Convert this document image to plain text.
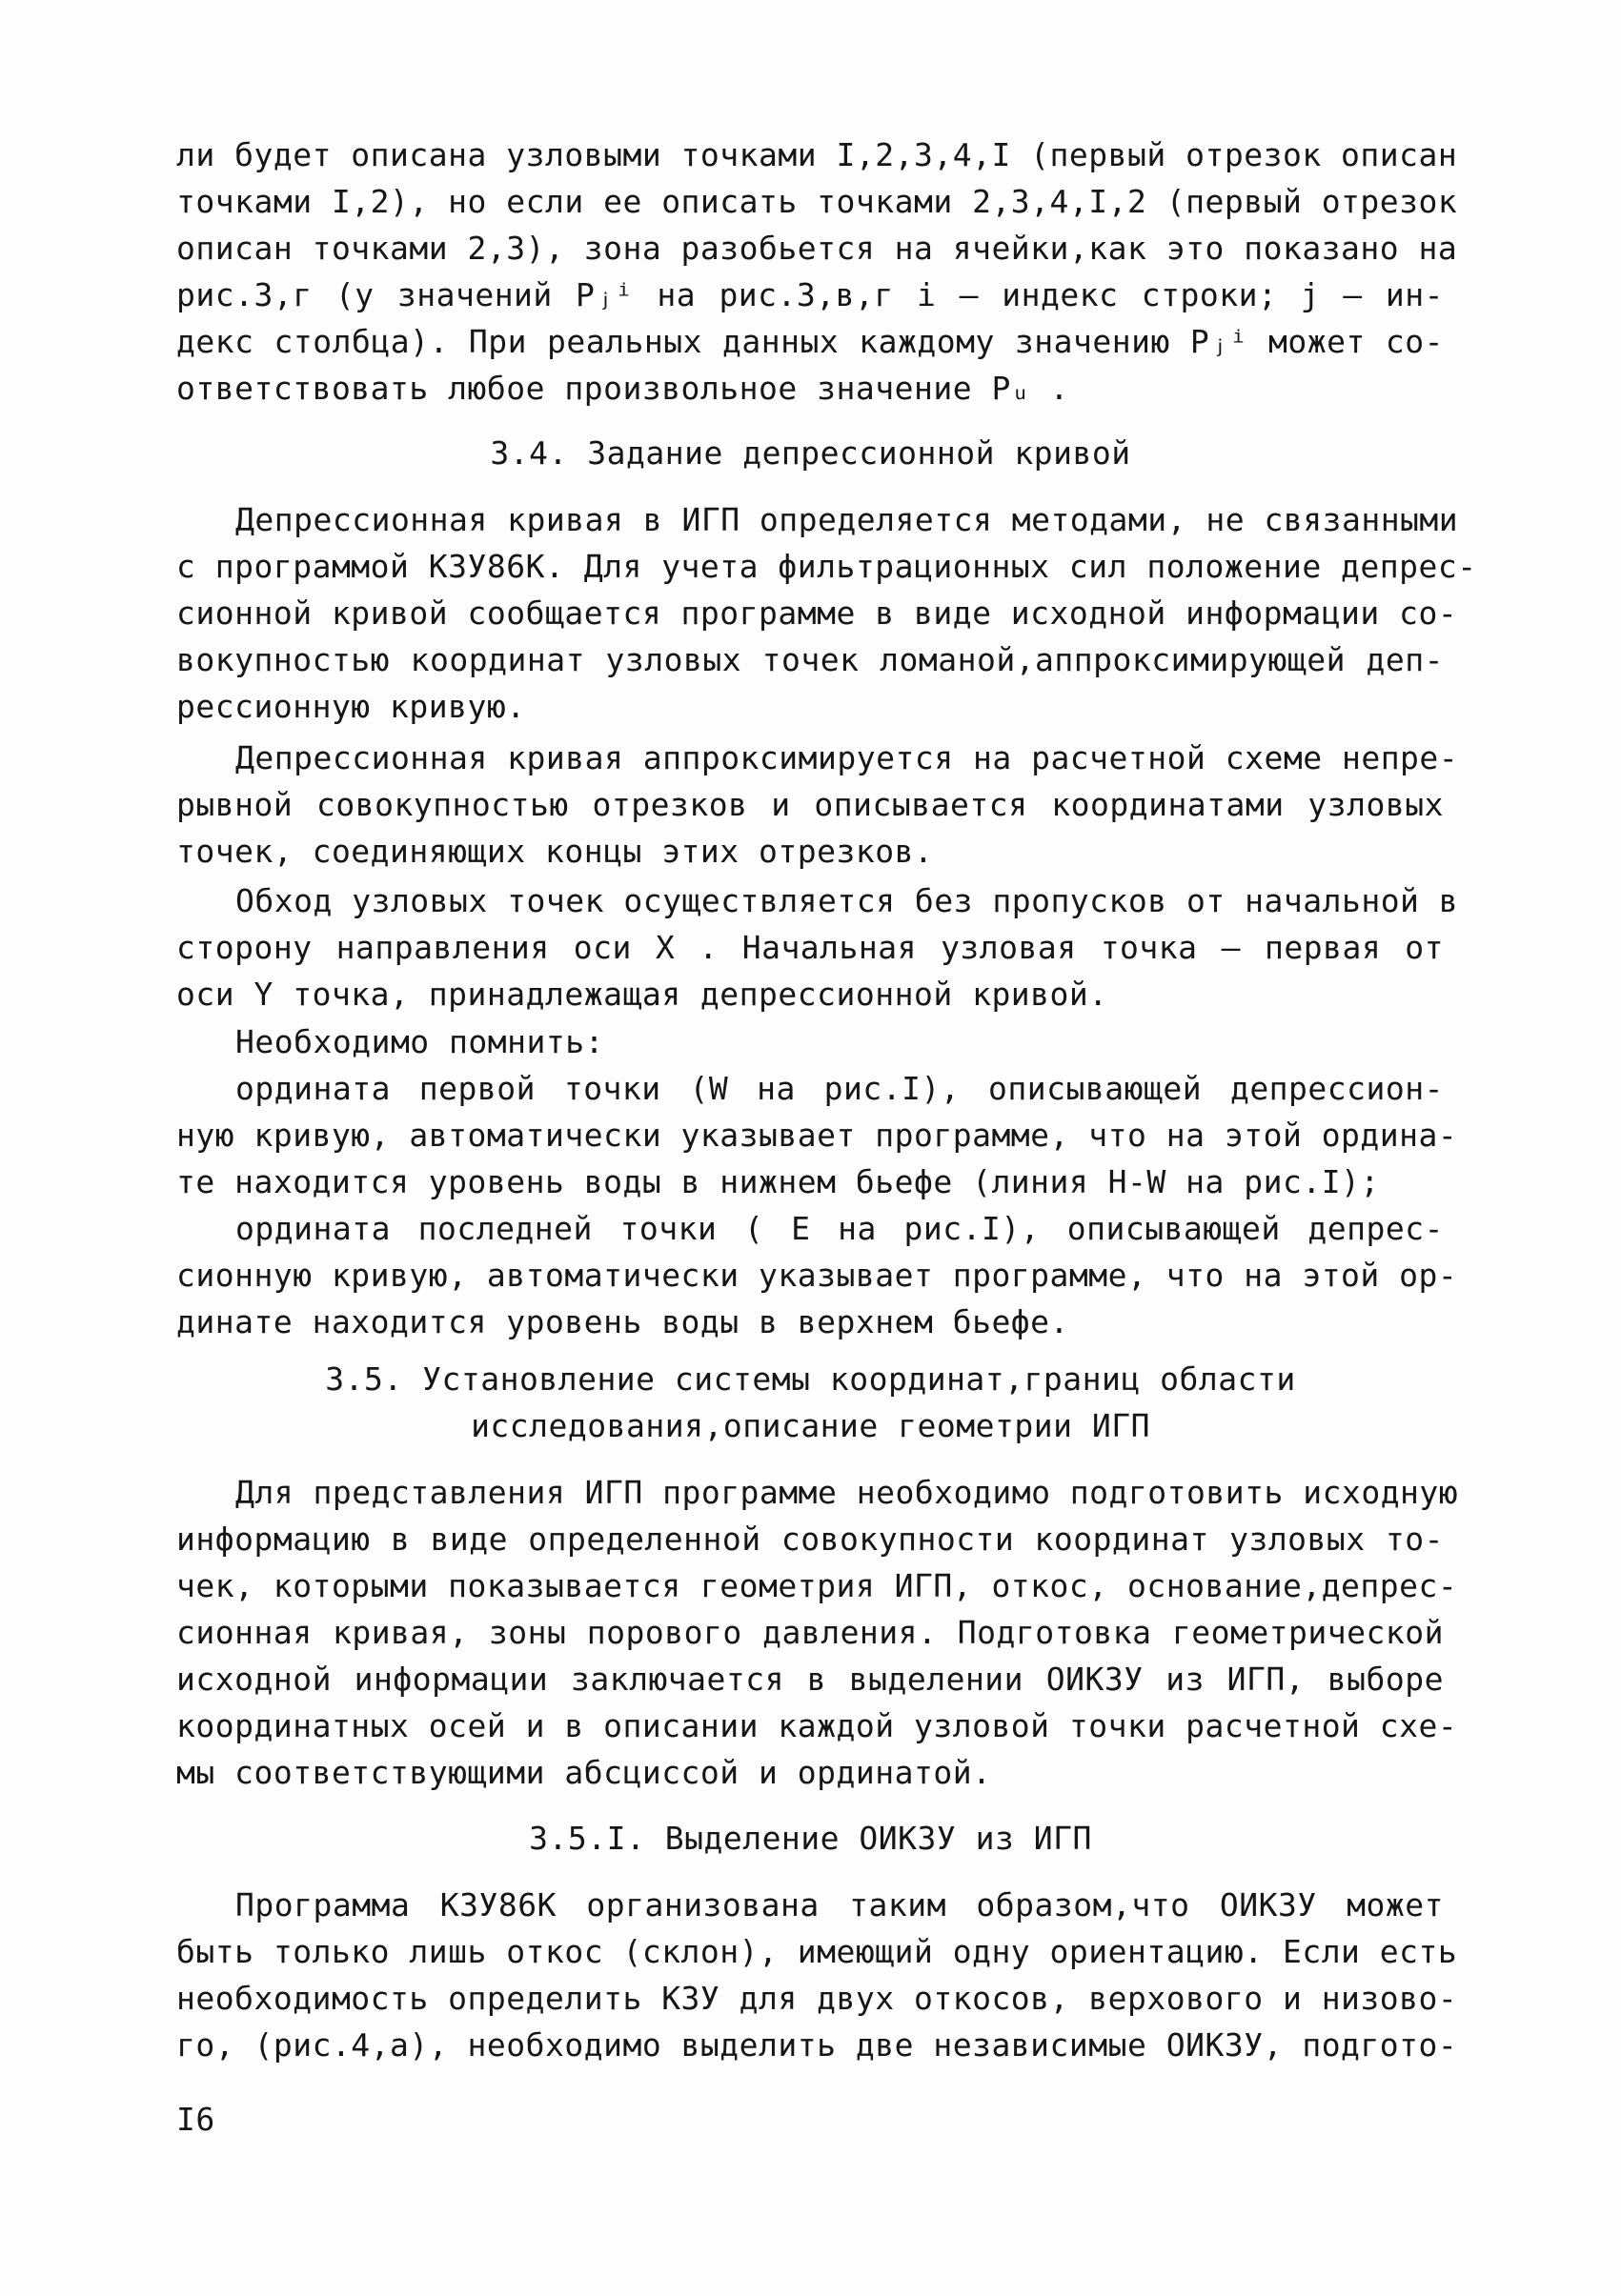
ли будет описана узловыми точками I,2,3,4,I (первый отрезок описан
точками I,2), но если ее описать точками 2,3,4,I,2 (первый отрезок
описан точками 2,3), зона разобьется на ячейки,как это показано на
рис.3,г (у значений Pⱼⁱ на рис.3,в,г i – индекс строки; j – ин-
декс столбца). При реальных данных каждому значению Pⱼⁱ может со-
ответствовать любое произвольное значение Pᵤ .
3.4. Задание депрессионной кривой
Депрессионная кривая в ИГП определяется методами, не связанными
с программой КЗУ86К. Для учета фильтрационных сил положение депрес-
сионной кривой сообщается программе в виде исходной информации со-
вокупностью координат узловых точек ломаной,аппроксимирующей деп-
рессионную кривую.
Депрессионная кривая аппроксимируется на расчетной схеме непре-
рывной совокупностью отрезков и описывается координатами узловых
точек, соединяющих концы этих отрезков.
Обход узловых точек осуществляется без пропусков от начальной в
сторону направления оси X . Начальная узловая точка – первая от
оси Y точка, принадлежащая депрессионной кривой.
Необходимо помнить:
ордината первой точки (W на рис.I), описывающей депрессион-
ную кривую, автоматически указывает программе, что на этой ордина-
те находится уровень воды в нижнем бьефе (линия H-W на рис.I);
ордината последней точки ( E на рис.I), описывающей депрес-
сионную кривую, автоматически указывает программе, что на этой ор-
динате находится уровень воды в верхнем бьефе.
3.5. Установление системы координат,границ области
исследования,описание геометрии ИГП
Для представления ИГП программе необходимо подготовить исходную
информацию в виде определенной совокупности координат узловых то-
чек, которыми показывается геометрия ИГП, откос, основание,депрес-
сионная кривая, зоны порового давления. Подготовка геометрической
исходной информации заключается в выделении ОИКЗУ из ИГП, выборе
координатных осей и в описании каждой узловой точки расчетной схе-
мы соответствующими абсциссой и ординатой.
3.5.I. Выделение ОИКЗУ из ИГП
Программа КЗУ86К организована таким образом,что ОИКЗУ может
быть только лишь откос (склон), имеющий одну ориентацию. Если есть
необходимость определить КЗУ для двух откосов, верхового и низово-
го, (рис.4,а), необходимо выделить две независимые ОИКЗУ, подгото-
I6
